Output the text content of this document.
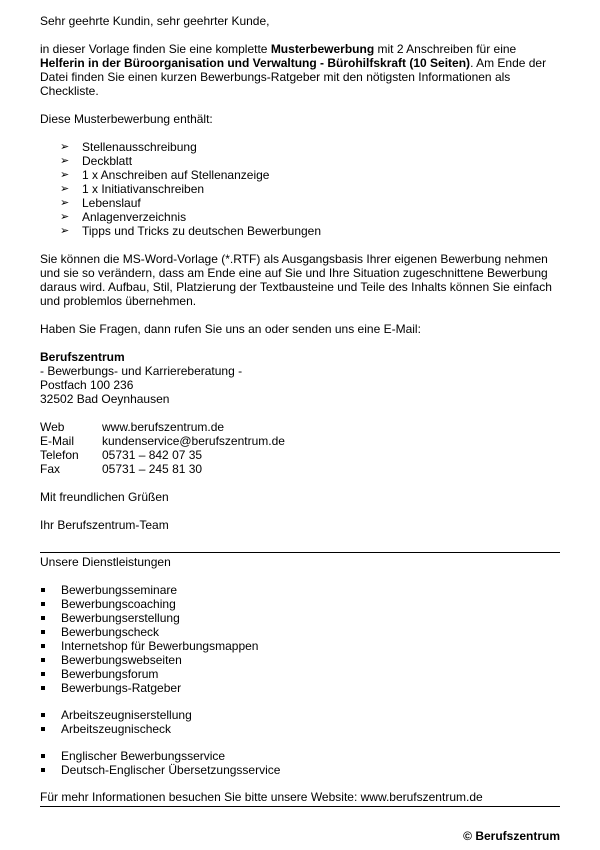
Sehr geehrte Kundin, sehr geehrter Kunde,

in dieser Vorlage finden Sie eine komplette Musterbewerbung mit 2 Anschreiben für eine Helferin in der Büroorganisation und Verwaltung - Bürohilfskraft (10 Seiten). Am Ende der Datei finden Sie einen kurzen Bewerbungs-Ratgeber mit den nötigsten Informationen als Checkliste.

Diese Musterbewerbung enthält:

➢ Stellenausschreibung
➢ Deckblatt
➢ 1 x Anschreiben auf Stellenanzeige
➢ 1 x Initiativanschreiben
➢ Lebenslauf
➢ Anlagenverzeichnis
➢ Tipps und Tricks zu deutschen Bewerbungen

Sie können die MS-Word-Vorlage (*.RTF) als Ausgangsbasis Ihrer eigenen Bewerbung nehmen und sie so verändern, dass am Ende eine auf Sie und Ihre Situation zugeschnittene Bewerbung daraus wird. Aufbau, Stil, Platzierung der Textbausteine und Teile des Inhalts können Sie einfach und problemlos übernehmen.

Haben Sie Fragen, dann rufen Sie uns an oder senden uns eine E-Mail:

Berufszentrum

- Bewerbungs- und Karriereberatung -

Postfach 100 236

32502 Bad Oeynhausen

Web	www.berufszentrum.de
E-Mail	kundenservice@berufszentrum.de
Telefon	05731 – 842 07 35
Fax	05731 – 245 81 30

Mit freundlichen Grüßen

Ihr Berufszentrum-Team

Unsere Dienstleistungen

Bewerbungsseminare
Bewerbungscoaching
Bewerbungserstellung
Bewerbungscheck
Internetshop für Bewerbungsmappen
Bewerbungswebseiten
Bewerbungsforum
Bewerbungs-Ratgeber
Arbeitszeugniserstellung
Arbeitszeugnischeck
Englischer Bewerbungsservice
Deutsch-Englischer Übersetzungsservice

Für mehr Informationen besuchen Sie bitte unsere Website: www.berufszentrum.de

© Berufszentrum
